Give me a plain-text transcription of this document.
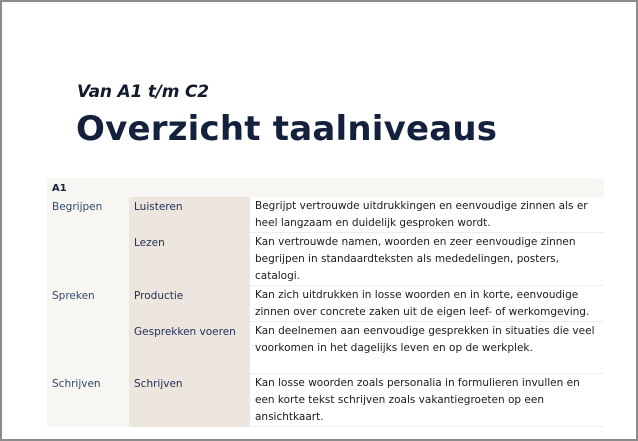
Van A1 t/m C2
Overzicht taalniveaus
A1		
Begrijpen	Luisteren	Begrijpt vertrouwde uitdrukkingen en eenvoudige zinnen als er heel langzaam en duidelijk gesproken wordt.
	Lezen	Kan vertrouwde namen, woorden en zeer eenvoudige zinnen begrijpen in standaardteksten als mededelingen, posters, catalogi.
Spreken	Productie	Kan zich uitdrukken in losse woorden en in korte, eenvoudige zinnen over concrete zaken uit de eigen leef- of werkomgeving.
	Gesprekken voeren	Kan deelnemen aan eenvoudige gesprekken in situaties die veel voorkomen in het dagelijks leven en op de werkplek.
Schrijven	Schrijven	Kan losse woorden zoals personalia in formulieren invullen en een korte tekst schrijven zoals vakantiegroeten op een ansichtkaart.
